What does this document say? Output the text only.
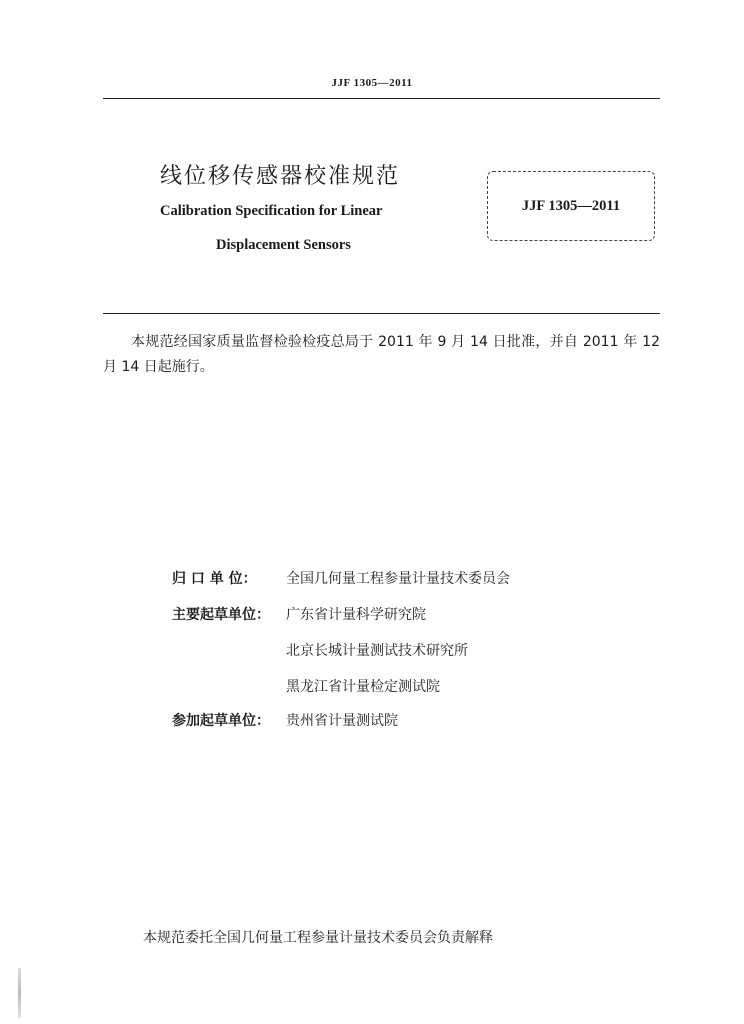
JJF 1305—2011
线位移传感器校准规范
Calibration Specification for Linear
Displacement Sensors
JJF 1305—2011
本规范经国家质量监督检验检疫总局于 2011 年 9 月 14 日批准，并自 2011 年 12 月 14 日起施行。
归 口 单 位：	全国几何量工程参量计量技术委员会
主要起草单位：	广东省计量科学研究院
北京长城计量测试技术研究所
黑龙江省计量检定测试院
参加起草单位：	贵州省计量测试院
本规范委托全国几何量工程参量计量技术委员会负责解释
